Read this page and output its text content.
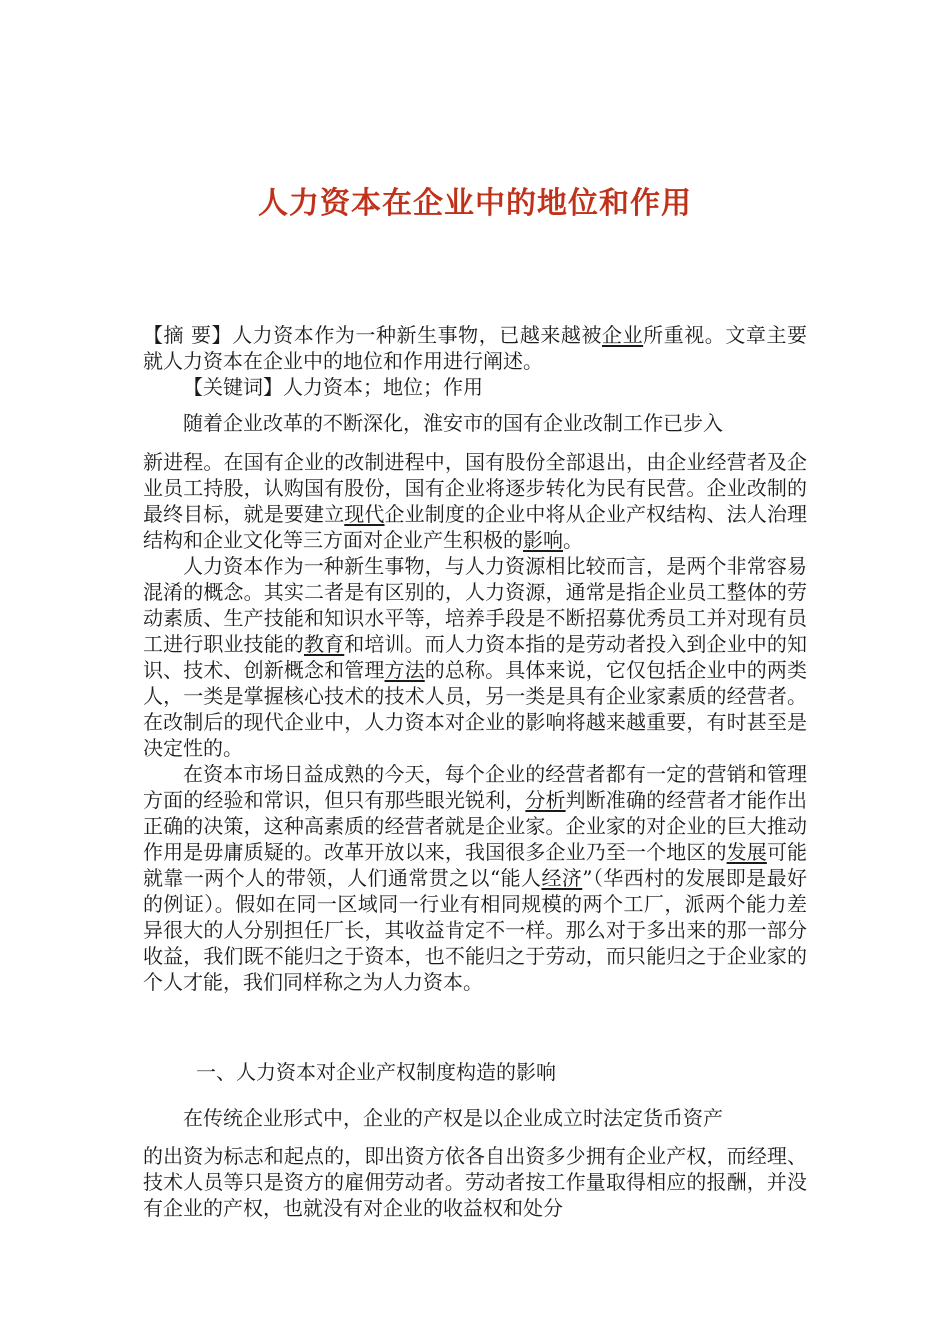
人力资本在企业中的地位和作用

【摘 要】人力资本作为一种新生事物，已越来越被企业所重视。文章主要就人力资本在企业中的地位和作用进行阐述。

【关键词】人力资本；地位；作用

随着企业改革的不断深化，淮安市的国有企业改制工作已步入

新进程。在国有企业的改制进程中，国有股份全部退出，由企业经营者及企业员工持股，认购国有股份，国有企业将逐步转化为民有民营。企业改制的最终目标，就是要建立现代企业制度的企业中将从企业产权结构、法人治理结构和企业文化等三方面对企业产生积极的影响。

人力资本作为一种新生事物，与人力资源相比较而言，是两个非常容易混淆的概念。其实二者是有区别的，人力资源，通常是指企业员工整体的劳动素质、生产技能和知识水平等，培养手段是不断招募优秀员工并对现有员工进行职业技能的教育和培训。而人力资本指的是劳动者投入到企业中的知识、技术、创新概念和管理方法的总称。具体来说，它仅包括企业中的两类人，一类是掌握核心技术的技术人员，另一类是具有企业家素质的经营者。在改制后的现代企业中，人力资本对企业的影响将越来越重要，有时甚至是决定性的。

在资本市场日益成熟的今天，每个企业的经营者都有一定的营销和管理方面的经验和常识，但只有那些眼光锐利，分析判断准确的经营者才能作出正确的决策，这种高素质的经营者就是企业家。企业家的对企业的巨大推动作用是毋庸质疑的。改革开放以来，我国很多企业乃至一个地区的发展可能就靠一两个人的带领，人们通常贯之以“能人经济”（华西村的发展即是最好的例证）。假如在同一区域同一行业有相同规模的两个工厂，派两个能力差异很大的人分别担任厂长，其收益肯定不一样。那么对于多出来的那一部分收益，我们既不能归之于资本，也不能归之于劳动，而只能归之于企业家的个人才能，我们同样称之为人力资本。

一、人力资本对企业产权制度构造的影响

在传统企业形式中，企业的产权是以企业成立时法定货币资产

的出资为标志和起点的，即出资方依各自出资多少拥有企业产权，而经理、技术人员等只是资方的雇佣劳动者。劳动者按工作量取得相应的报酬，并没有企业的产权，也就没有对企业的收益权和处分
